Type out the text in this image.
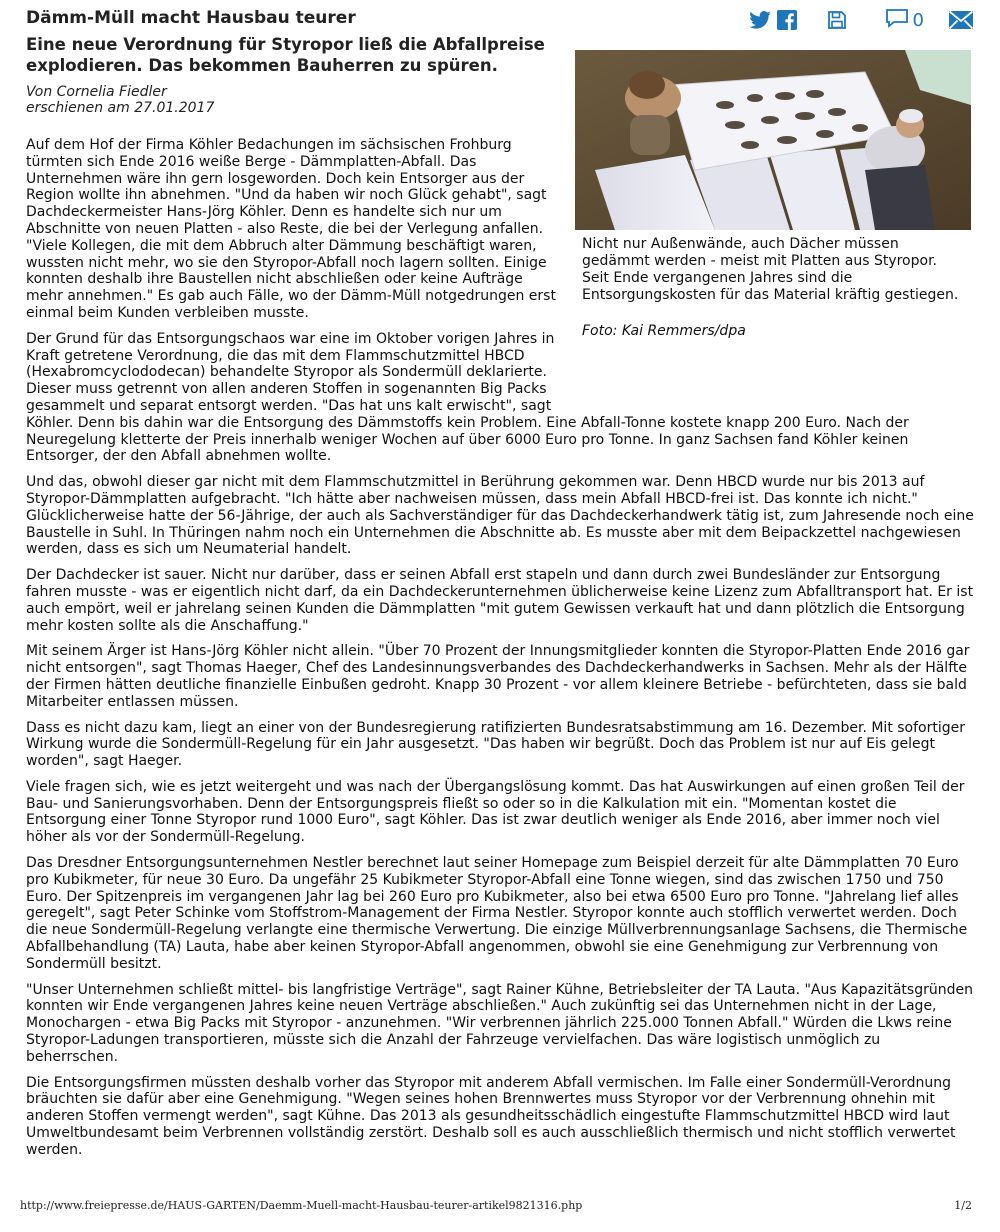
Dämm-Müll macht Hausbau teurer	0
Eine neue Verordnung für Styropor ließ die Abfallpreise explodieren. Das bekommen Bauherren zu spüren.
Von Cornelia Fiedler
erschienen am 27.01.2017

Auf dem Hof der Firma Köhler Bedachungen im sächsischen Frohburg türmten sich Ende 2016 weiße Berge - Dämmplatten-Abfall. Das Unternehmen wäre ihn gern losgeworden. Doch kein Entsorger aus der Region wollte ihn abnehmen. "Und da haben wir noch Glück gehabt", sagt Dachdeckermeister Hans-Jörg Köhler. Denn es handelte sich nur um Abschnitte von neuen Platten - also Reste, die bei der Verlegung anfallen. "Viele Kollegen, die mit dem Abbruch alter Dämmung beschäftigt waren, wussten nicht mehr, wo sie den Styropor-Abfall noch lagern sollten. Einige konnten deshalb ihre Baustellen nicht abschließen oder keine Aufträge mehr annehmen." Es gab auch Fälle, wo der Dämm-Müll notgedrungen erst einmal beim Kunden verbleiben musste.

Der Grund für das Entsorgungschaos war eine im Oktober vorigen Jahres in Kraft getretene Verordnung, die das mit dem Flammschutzmittel HBCD (Hexabromcyclododecan) behandelte Styropor als Sondermüll deklarierte. Dieser muss getrennt von allen anderen Stoffen in sogenannten Big Packs gesammelt und separat entsorgt werden. "Das hat uns kalt erwischt", sagt Köhler. Denn bis dahin war die Entsorgung des Dämmstoffs kein Problem. Eine Abfall-Tonne kostete knapp 200 Euro. Nach der Neuregelung kletterte der Preis innerhalb weniger Wochen auf über 6000 Euro pro Tonne. In ganz Sachsen fand Köhler keinen Entsorger, der den Abfall abnehmen wollte.

Und das, obwohl dieser gar nicht mit dem Flammschutzmittel in Berührung gekommen war. Denn HBCD wurde nur bis 2013 auf Styropor-Dämmplatten aufgebracht. "Ich hätte aber nachweisen müssen, dass mein Abfall HBCD-frei ist. Das konnte ich nicht." Glücklicherweise hatte der 56-Jährige, der auch als Sachverständiger für das Dachdeckerhandwerk tätig ist, zum Jahresende noch eine Baustelle in Suhl. In Thüringen nahm noch ein Unternehmen die Abschnitte ab. Es musste aber mit dem Beipackzettel nachgewiesen werden, dass es sich um Neumaterial handelt.

Der Dachdecker ist sauer. Nicht nur darüber, dass er seinen Abfall erst stapeln und dann durch zwei Bundesländer zur Entsorgung fahren musste - was er eigentlich nicht darf, da ein Dachdeckerunternehmen üblicherweise keine Lizenz zum Abfalltransport hat. Er ist auch empört, weil er jahrelang seinen Kunden die Dämmplatten "mit gutem Gewissen verkauft hat und dann plötzlich die Entsorgung mehr kosten sollte als die Anschaffung."

Mit seinem Ärger ist Hans-Jörg Köhler nicht allein. "Über 70 Prozent der Innungsmitglieder konnten die Styropor-Platten Ende 2016 gar nicht entsorgen", sagt Thomas Haeger, Chef des Landesinnungsverbandes des Dachdeckerhandwerks in Sachsen. Mehr als der Hälfte der Firmen hätten deutliche finanzielle Einbußen gedroht. Knapp 30 Prozent - vor allem kleinere Betriebe - befürchteten, dass sie bald Mitarbeiter entlassen müssen.

Dass es nicht dazu kam, liegt an einer von der Bundesregierung ratifizierten Bundesratsabstimmung am 16. Dezember. Mit sofortiger Wirkung wurde die Sondermüll-Regelung für ein Jahr ausgesetzt. "Das haben wir begrüßt. Doch das Problem ist nur auf Eis gelegt worden", sagt Haeger.

Viele fragen sich, wie es jetzt weitergeht und was nach der Übergangslösung kommt. Das hat Auswirkungen auf einen großen Teil der Bau- und Sanierungsvorhaben. Denn der Entsorgungspreis fließt so oder so in die Kalkulation mit ein. "Momentan kostet die Entsorgung einer Tonne Styropor rund 1000 Euro", sagt Köhler. Das ist zwar deutlich weniger als Ende 2016, aber immer noch viel höher als vor der Sondermüll-Regelung.

Das Dresdner Entsorgungsunternehmen Nestler berechnet laut seiner Homepage zum Beispiel derzeit für alte Dämmplatten 70 Euro pro Kubikmeter, für neue 30 Euro. Da ungefähr 25 Kubikmeter Styropor-Abfall eine Tonne wiegen, sind das zwischen 1750 und 750 Euro. Der Spitzenpreis im vergangenen Jahr lag bei 260 Euro pro Kubikmeter, also bei etwa 6500 Euro pro Tonne. "Jahrelang lief alles geregelt", sagt Peter Schinke vom Stoffstrom-Management der Firma Nestler. Styropor konnte auch stofflich verwertet werden. Doch die neue Sondermüll-Regelung verlangte eine thermische Verwertung. Die einzige Müllverbrennungsanlage Sachsens, die Thermische Abfallbehandlung (TA) Lauta, habe aber keinen Styropor-Abfall angenommen, obwohl sie eine Genehmigung zur Verbrennung von Sondermüll besitzt.

"Unser Unternehmen schließt mittel- bis langfristige Verträge", sagt Rainer Kühne, Betriebsleiter der TA Lauta. "Aus Kapazitätsgründen konnten wir Ende vergangenen Jahres keine neuen Verträge abschließen." Auch zukünftig sei das Unternehmen nicht in der Lage, Monochargen - etwa Big Packs mit Styropor - anzunehmen. "Wir verbrennen jährlich 225.000 Tonnen Abfall." Würden die Lkws reine Styropor-Ladungen transportieren, müsste sich die Anzahl der Fahrzeuge vervielfachen. Das wäre logistisch unmöglich zu beherrschen.

Die Entsorgungsfirmen müssten deshalb vorher das Styropor mit anderem Abfall vermischen. Im Falle einer Sondermüll-Verordnung bräuchten sie dafür aber eine Genehmigung. "Wegen seines hohen Brennwertes muss Styropor vor der Verbrennung ohnehin mit anderen Stoffen vermengt werden", sagt Kühne. Das 2013 als gesundheitsschädlich eingestufte Flammschutzmittel HBCD wird laut Umweltbundesamt beim Verbrennen vollständig zerstört. Deshalb soll es auch ausschließlich thermisch und nicht stofflich verwertet werden.

Nicht nur Außenwände, auch Dächer müssen gedämmt werden - meist mit Platten aus Styropor. Seit Ende vergangenen Jahres sind die Entsorgungskosten für das Material kräftig gestiegen.
Foto: Kai Remmers/dpa
http://www.freiepresse.de/HAUS-GARTEN/Daemm-Muell-macht-Hausbau-teurer-artikel9821316.php	1/2
